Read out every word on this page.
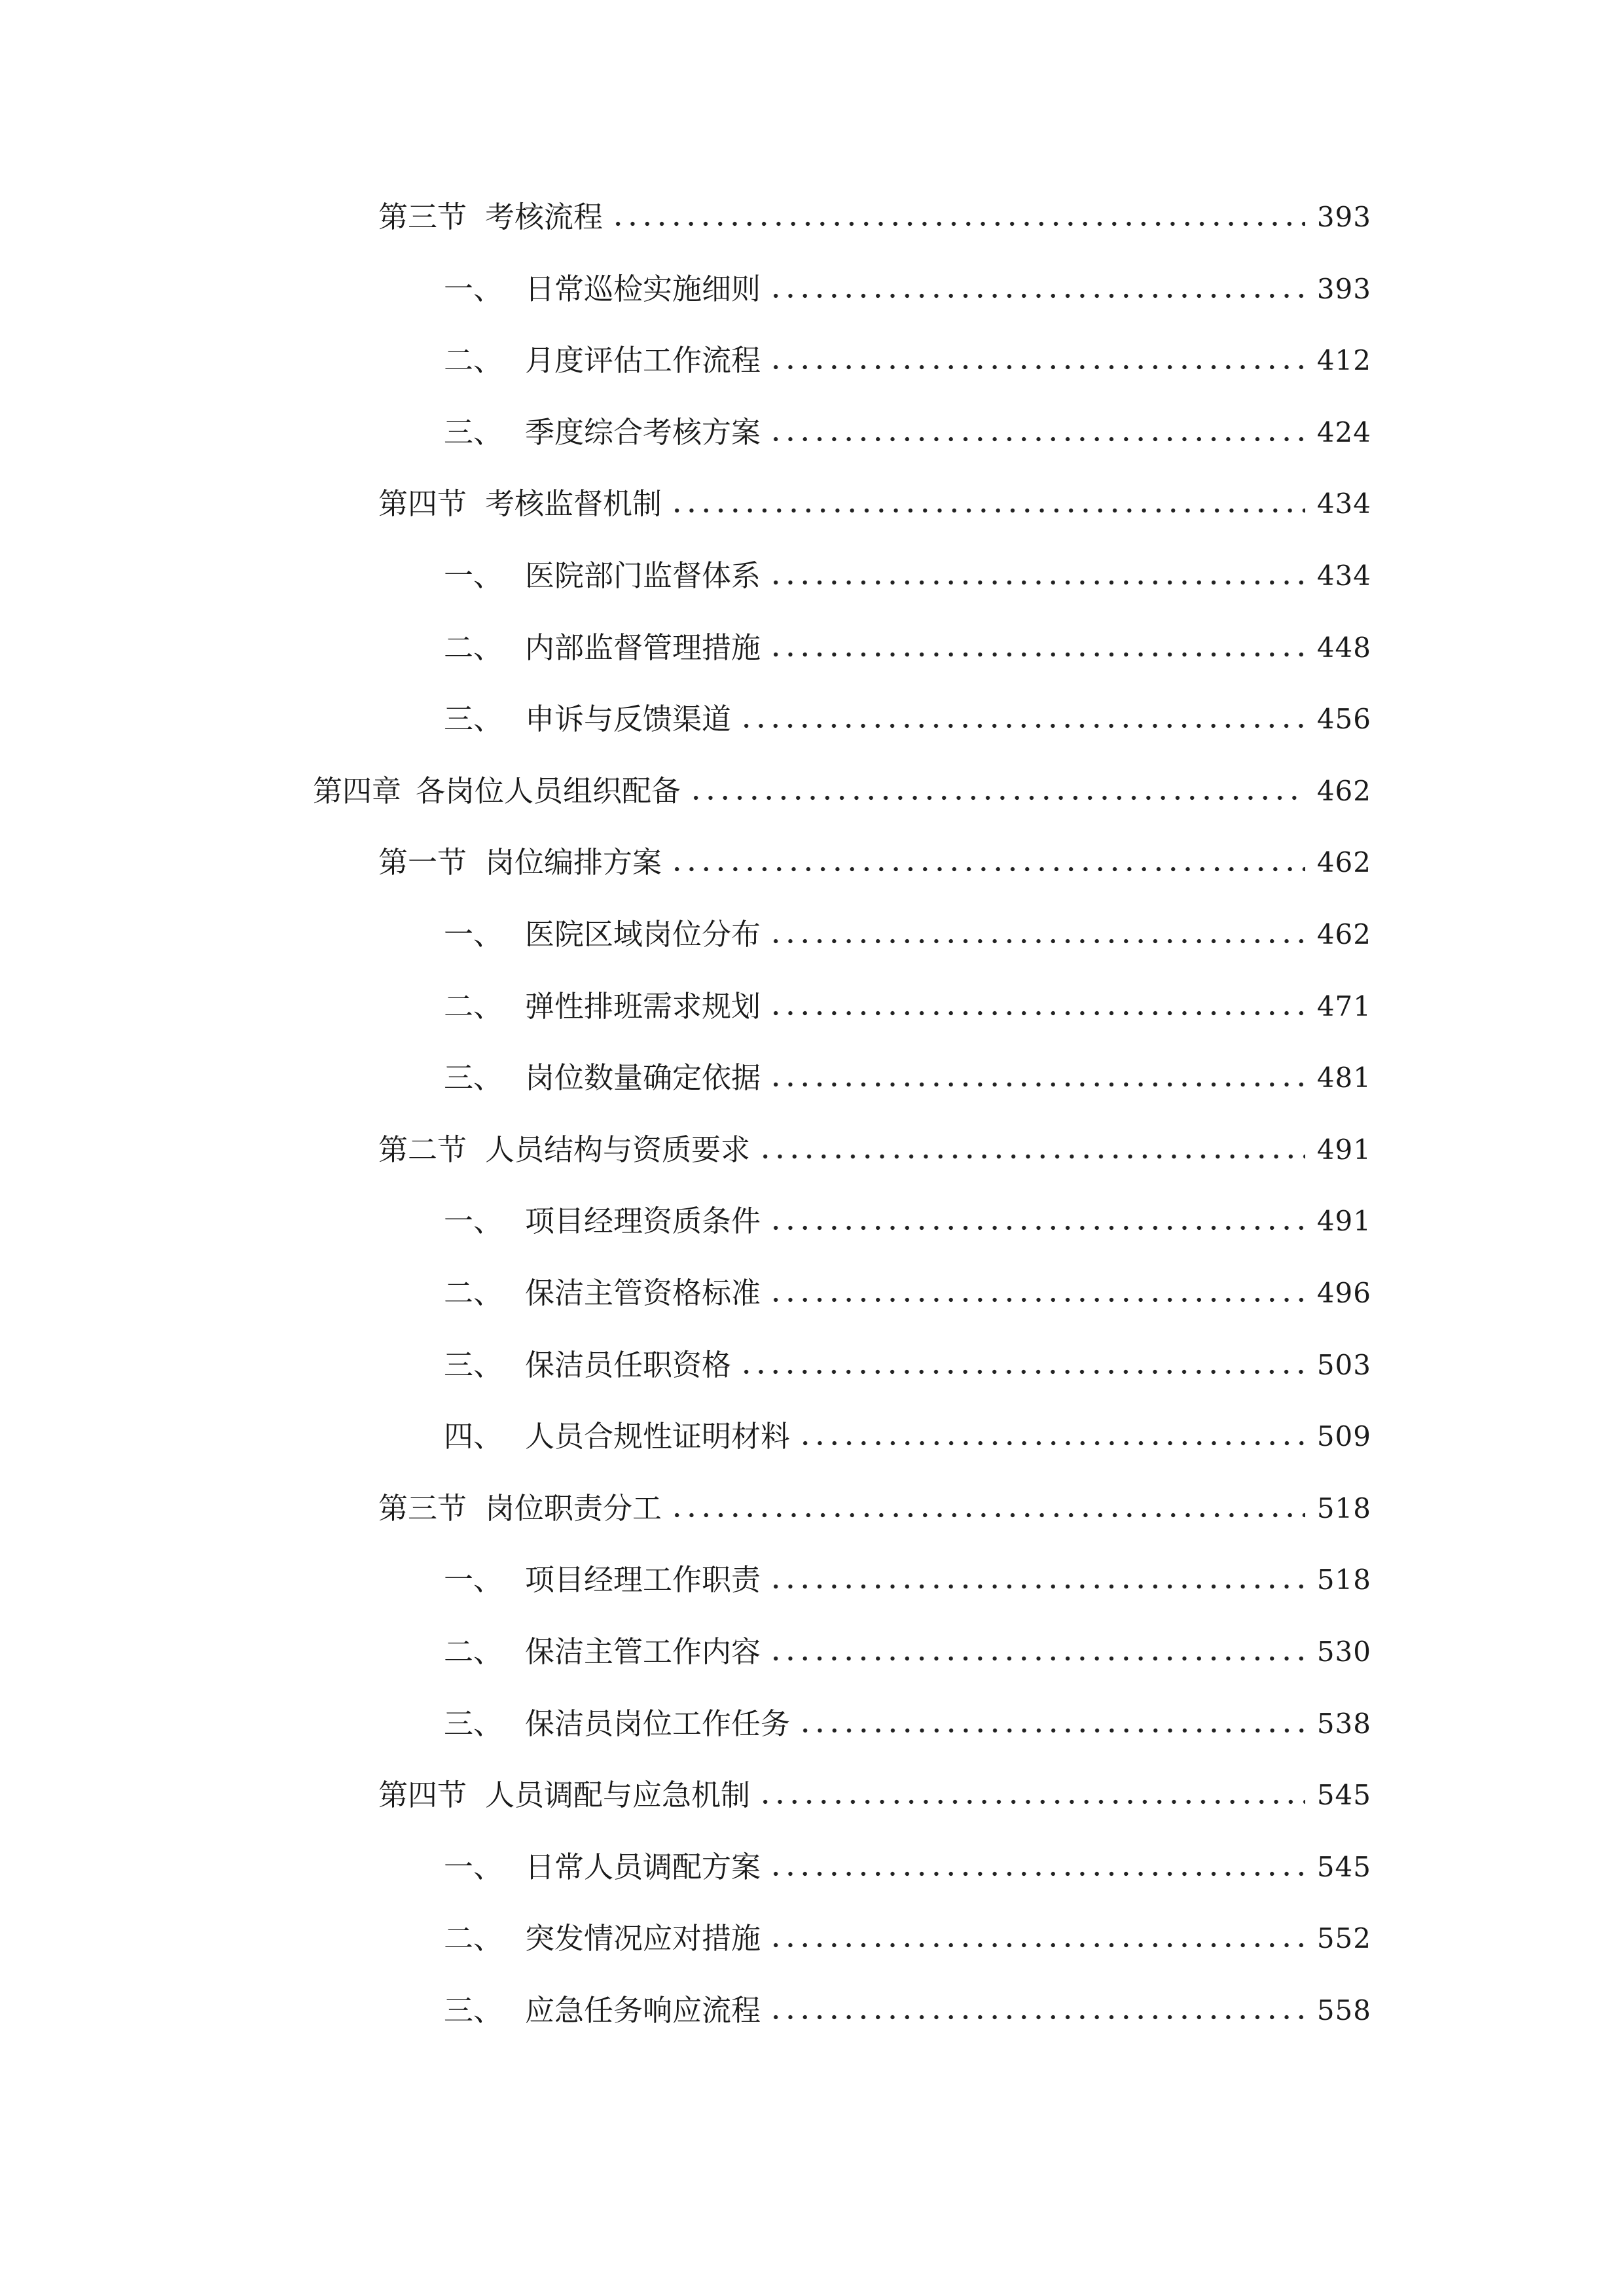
第三节 考核流程	393
一、 日常巡检实施细则	393
二、 月度评估工作流程	412
三、 季度综合考核方案	424
第四节 考核监督机制	434
一、 医院部门监督体系	434
二、 内部监督管理措施	448
三、 申诉与反馈渠道	456
第四章 各岗位人员组织配备	462
第一节 岗位编排方案	462
一、 医院区域岗位分布	462
二、 弹性排班需求规划	471
三、 岗位数量确定依据	481
第二节 人员结构与资质要求	491
一、 项目经理资质条件	491
二、 保洁主管资格标准	496
三、 保洁员任职资格	503
四、 人员合规性证明材料	509
第三节 岗位职责分工	518
一、 项目经理工作职责	518
二、 保洁主管工作内容	530
三、 保洁员岗位工作任务	538
第四节 人员调配与应急机制	545
一、 日常人员调配方案	545
二、 突发情况应对措施	552
三、 应急任务响应流程	558
